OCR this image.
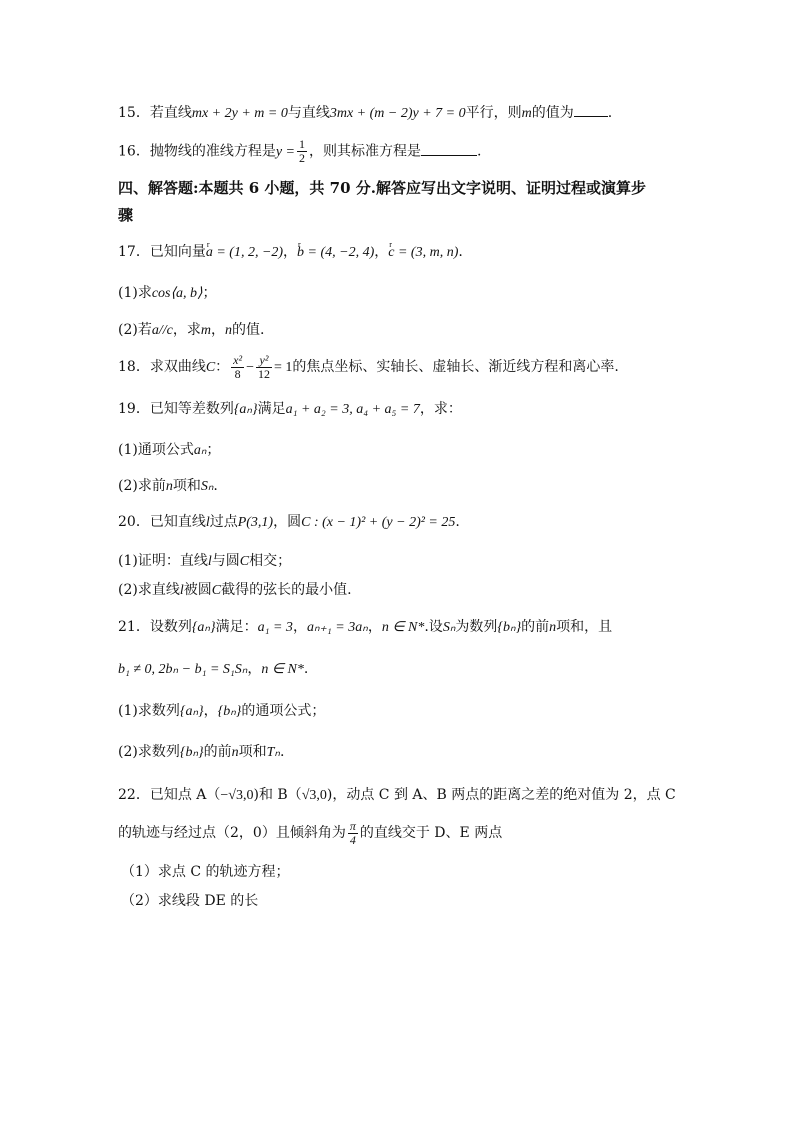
15．若直线mx + 2y + m = 0与直线3mx + (m − 2)y + 7 = 0平行，则m的值为 .
16．抛物线的准线方程是$y = \frac{1}{2}$ ，则其标准方程是	.
四、解答题:本题共 6 小题，共 70 分.解答应写出文字说明、证明过程或演算步
骤
17．已知向量r a = (1, 2, −2)，r b = (4, −2, 4)，r c = (3, m, n).
(1)求cos⟨a, b⟩；
(2)若a//c，求m，n的值.
18．求双曲线C： $\frac{\text{x²}}{8} - \frac{\text{y²}}{12} = 1$的焦点坐标、实轴长、虚轴长、渐近线方程和离心率.
19．已知等差数列{aₙ}满足a₁ + a₂ = 3, a₄ + a₅ = 7，求：
(1)通项公式aₙ；
(2)求前n项和Sₙ.
20．已知直线l过点P(3,1)，圆C : (x − 1)² + (y − 2)² = 25.
(1)证明：直线l与圆C相交；
(2)求直线l被圆C截得的弦长的最小值.
21．设数列{aₙ}满足：a₁ = 3，aₙ₊₁ = 3aₙ，n ∈ N*.设Sₙ为数列{bₙ}的前n项和，且
b₁ ≠ 0, 2bₙ − b₁ = S₁Sₙ，n ∈ N*.
(1)求数列{aₙ}，{bₙ}的通项公式；
(2)求数列{bₙ}的前n项和Tₙ.
22．已知点 A（−√3,0)和 B（√3,0)，动点 C 到 A、B 两点的距离之差的绝对值为 2，点 C
的轨迹与经过点（2，0）且倾斜角为 $\frac{\pi}{4}$ 的直线交于 D、E 两点
（1）求点 C 的轨迹方程；
（2）求线段 DE 的长
